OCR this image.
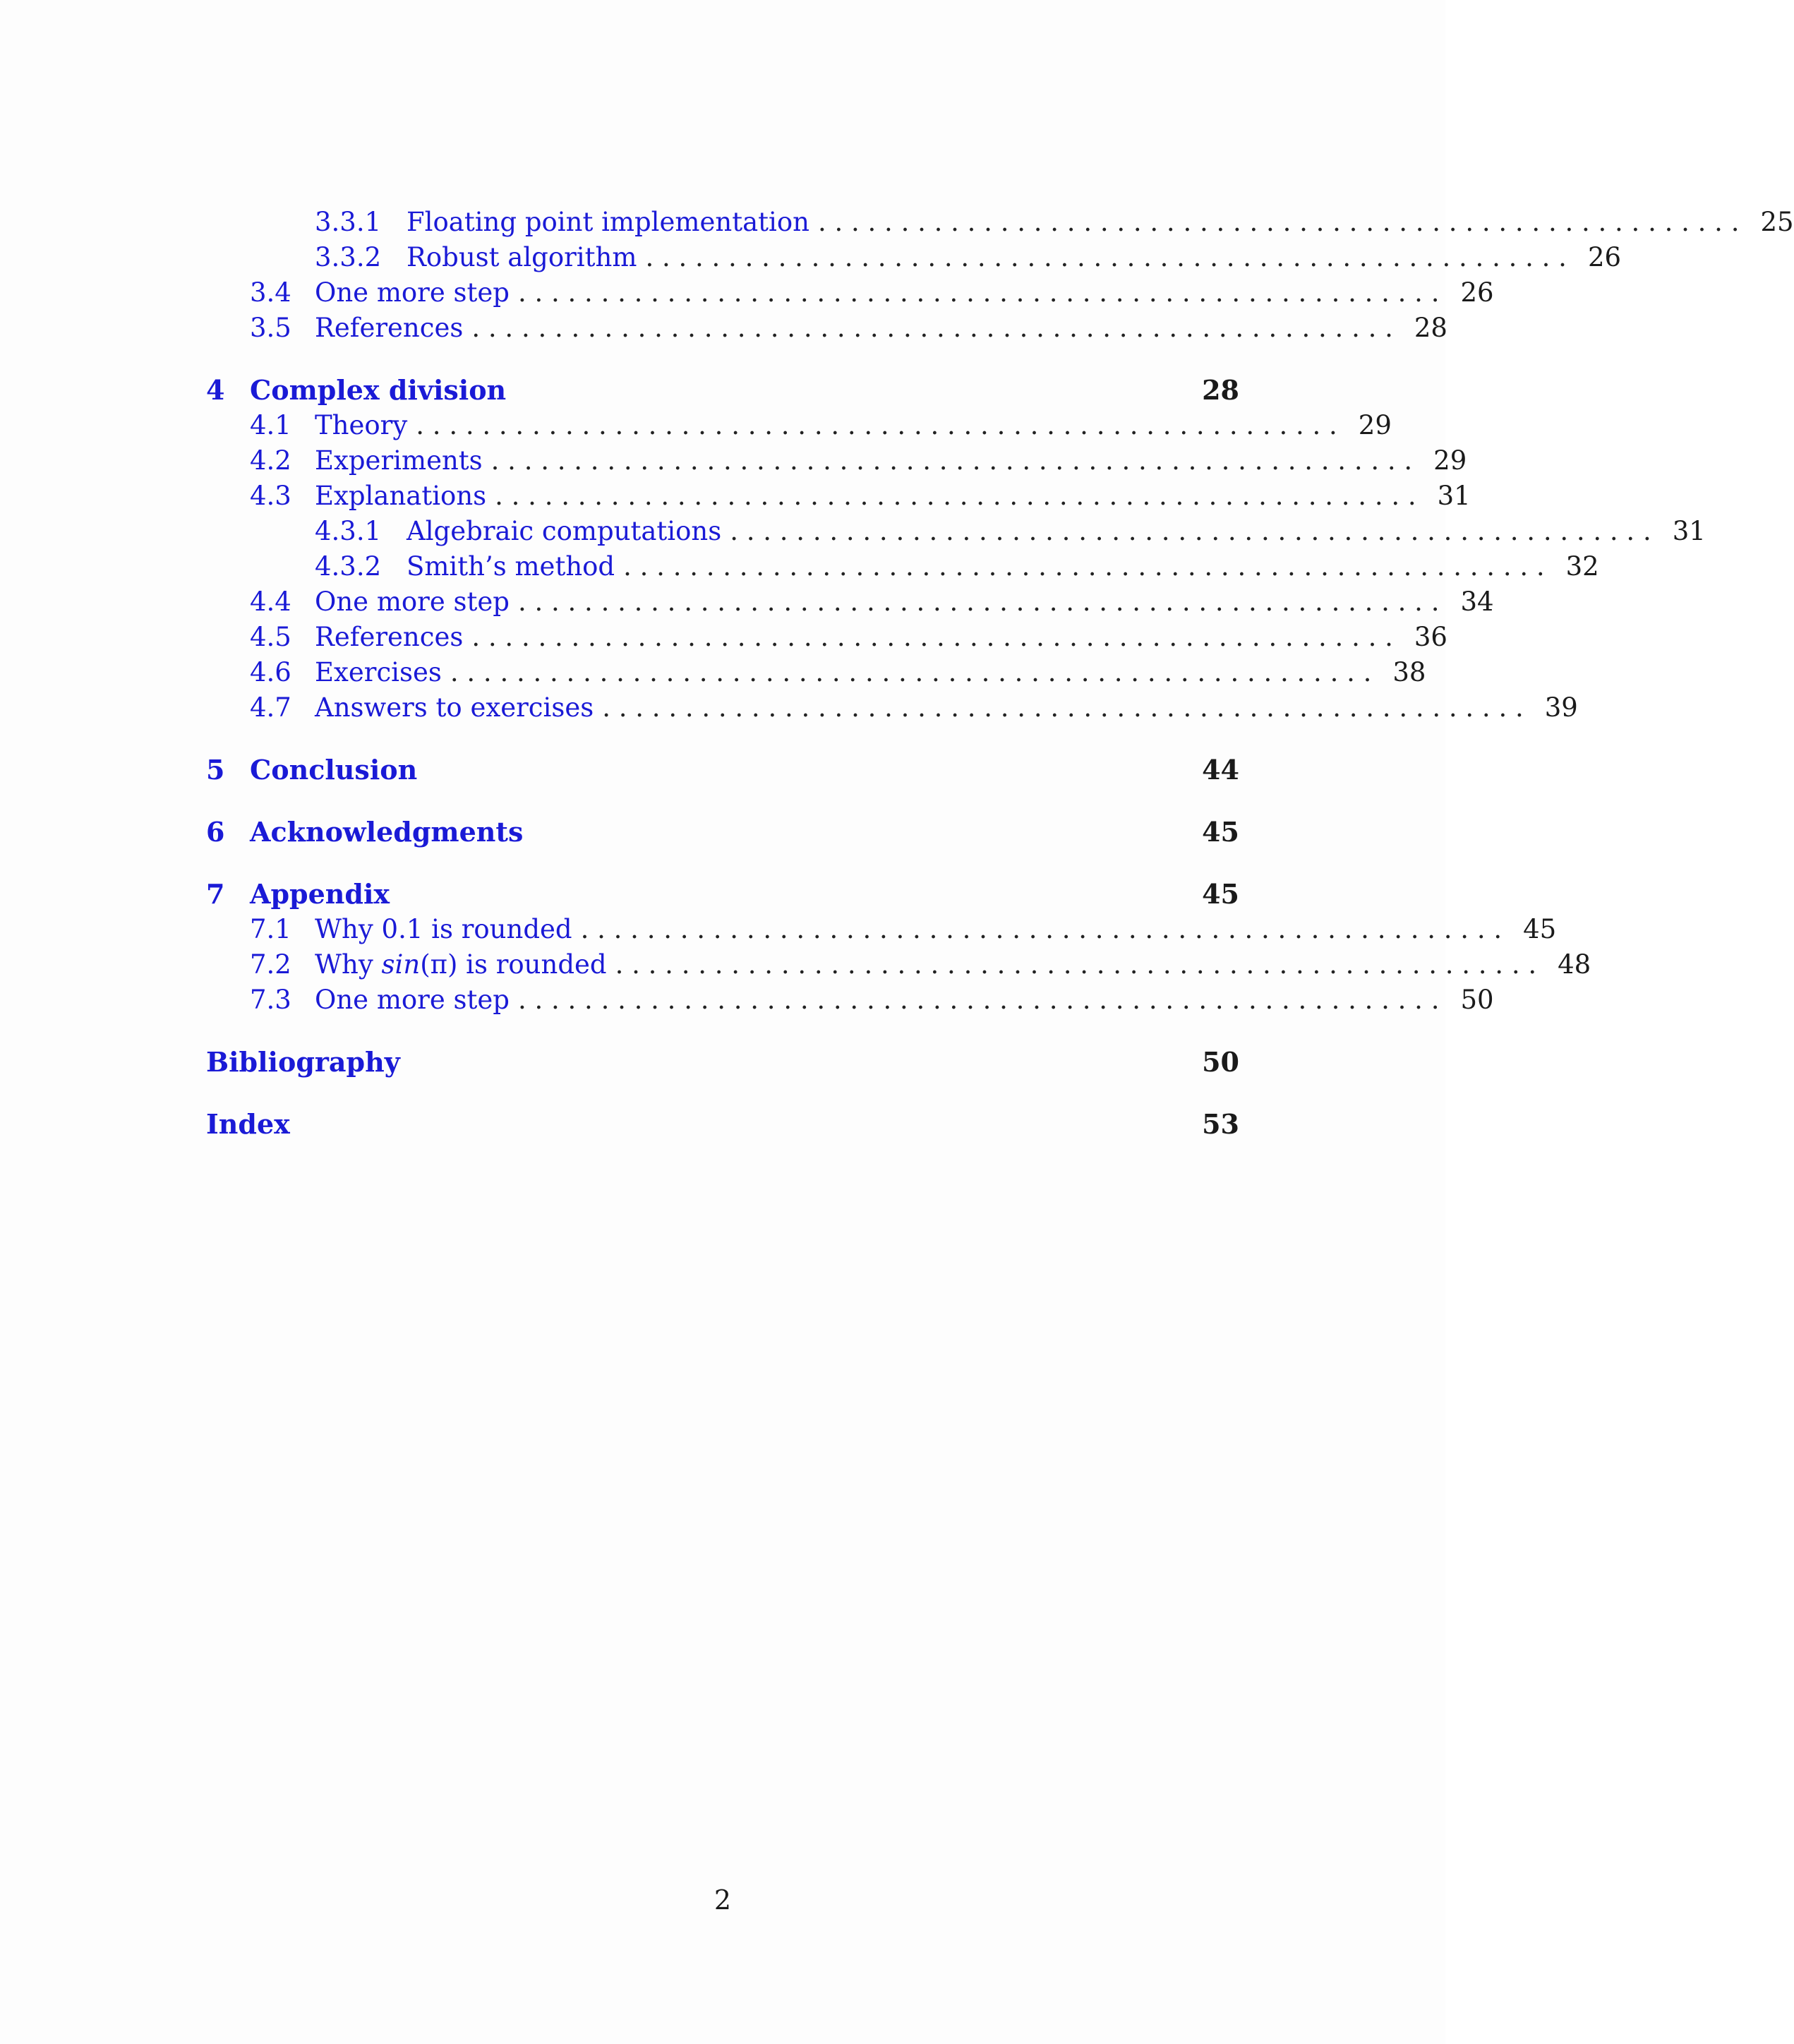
3.3.1 Floating point implementation . . . . . . . . . . . . . . . . . . . . . . . . . . . . . . . . . . . . . . . . . . . . . . . . . . . . . . . . 25
3.3.2 Robust algorithm . . . . . . . . . . . . . . . . . . . . . . . . . . . . . . . . . . . . . . . . . . . . . . . . . . . . . . . . 26
3.4 One more step . . . . . . . . . . . . . . . . . . . . . . . . . . . . . . . . . . . . . . . . . . . . . . . . . . . . . . . . 26
3.5 References . . . . . . . . . . . . . . . . . . . . . . . . . . . . . . . . . . . . . . . . . . . . . . . . . . . . . . . . 28
4 Complex division	28
4.1 Theory . . . . . . . . . . . . . . . . . . . . . . . . . . . . . . . . . . . . . . . . . . . . . . . . . . . . . . . . 29
4.2 Experiments . . . . . . . . . . . . . . . . . . . . . . . . . . . . . . . . . . . . . . . . . . . . . . . . . . . . . . . . 29
4.3 Explanations . . . . . . . . . . . . . . . . . . . . . . . . . . . . . . . . . . . . . . . . . . . . . . . . . . . . . . . . 31
4.3.1 Algebraic computations . . . . . . . . . . . . . . . . . . . . . . . . . . . . . . . . . . . . . . . . . . . . . . . . . . . . . . . . 31
4.3.2 Smith’s method . . . . . . . . . . . . . . . . . . . . . . . . . . . . . . . . . . . . . . . . . . . . . . . . . . . . . . . . 32
4.4 One more step . . . . . . . . . . . . . . . . . . . . . . . . . . . . . . . . . . . . . . . . . . . . . . . . . . . . . . . . 34
4.5 References . . . . . . . . . . . . . . . . . . . . . . . . . . . . . . . . . . . . . . . . . . . . . . . . . . . . . . . . 36
4.6 Exercises . . . . . . . . . . . . . . . . . . . . . . . . . . . . . . . . . . . . . . . . . . . . . . . . . . . . . . . . 38
4.7 Answers to exercises . . . . . . . . . . . . . . . . . . . . . . . . . . . . . . . . . . . . . . . . . . . . . . . . . . . . . . . . 39
5 Conclusion	44
6 Acknowledgments	45
7 Appendix	45
7.1 Why 0.1 is rounded . . . . . . . . . . . . . . . . . . . . . . . . . . . . . . . . . . . . . . . . . . . . . . . . . . . . . . . . 45
7.2 Why sin(π) is rounded . . . . . . . . . . . . . . . . . . . . . . . . . . . . . . . . . . . . . . . . . . . . . . . . . . . . . . . . 48
7.3 One more step . . . . . . . . . . . . . . . . . . . . . . . . . . . . . . . . . . . . . . . . . . . . . . . . . . . . . . . . 50
Bibliography	50
Index	53
2
